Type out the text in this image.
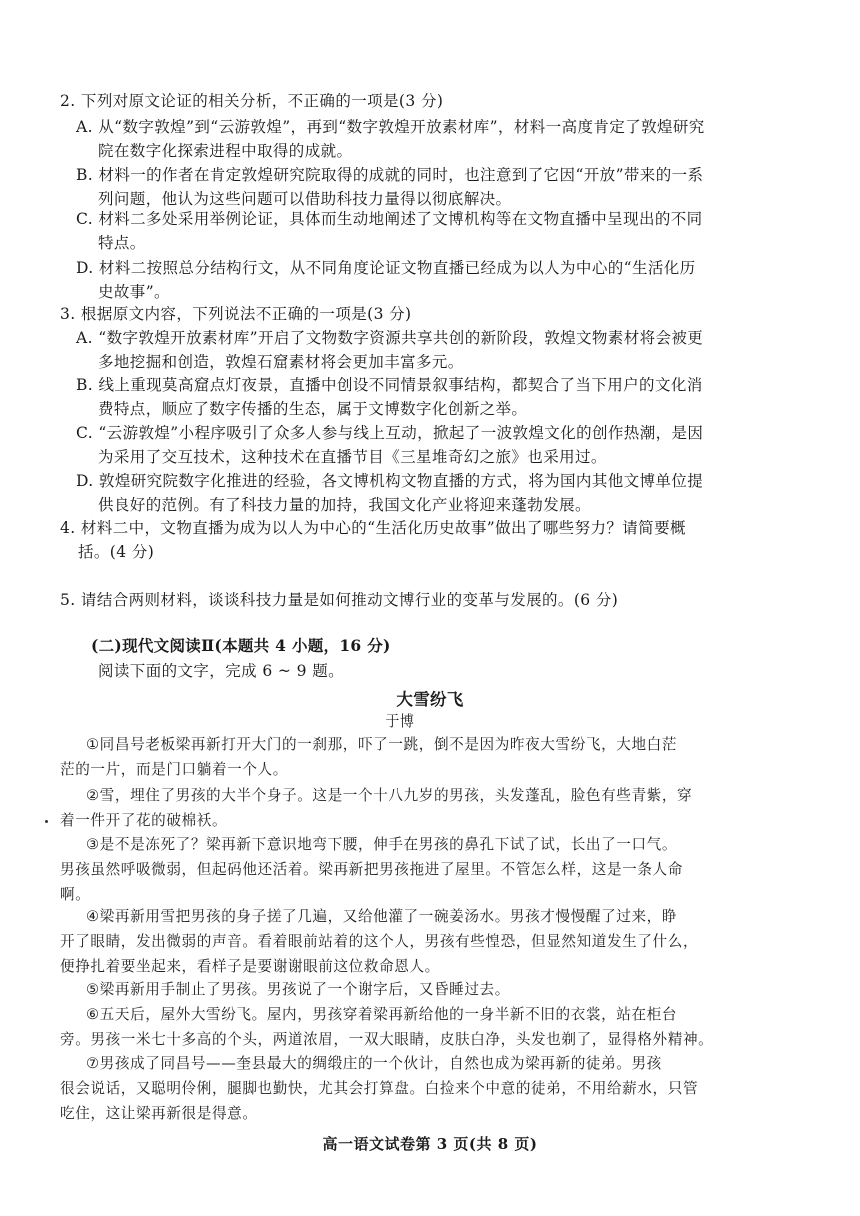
2. 下列对原文论证的相关分析，不正确的一项是(3 分)
A. 从“数字敦煌”到“云游敦煌”，再到“数字敦煌开放素材库”，材料一高度肯定了敦煌研究
院在数字化探索进程中取得的成就。
B. 材料一的作者在肯定敦煌研究院取得的成就的同时，也注意到了它因“开放”带来的一系
列问题，他认为这些问题可以借助科技力量得以彻底解决。
C. 材料二多处采用举例论证，具体而生动地阐述了文博机构等在文物直播中呈现出的不同
特点。
D. 材料二按照总分结构行文，从不同角度论证文物直播已经成为以人为中心的“生活化历
史故事”。
3. 根据原文内容，下列说法不正确的一项是(3 分)
A. “数字敦煌开放素材库”开启了文物数字资源共享共创的新阶段，敦煌文物素材将会被更
多地挖掘和创造，敦煌石窟素材将会更加丰富多元。
B. 线上重现莫高窟点灯夜景，直播中创设不同情景叙事结构，都契合了当下用户的文化消
费特点，顺应了数字传播的生态，属于文博数字化创新之举。
C. “云游敦煌”小程序吸引了众多人参与线上互动，掀起了一波敦煌文化的创作热潮，是因
为采用了交互技术，这种技术在直播节目《三星堆奇幻之旅》也采用过。
D. 敦煌研究院数字化推进的经验，各文博机构文物直播的方式，将为国内其他文博单位提
供良好的范例。有了科技力量的加持，我国文化产业将迎来蓬勃发展。
4. 材料二中，文物直播为成为以人为中心的“生活化历史故事”做出了哪些努力？请简要概
括。(4 分)
5. 请结合两则材料，谈谈科技力量是如何推动文博行业的变革与发展的。(6 分)
(二)现代文阅读Ⅱ(本题共 4 小题，16 分)
阅读下面的文字，完成 6 ~ 9 题。
大雪纷飞
于博
①同昌号老板梁再新打开大门的一刹那，吓了一跳，倒不是因为昨夜大雪纷飞，大地白茫
茫的一片，而是门口躺着一个人。
②雪，埋住了男孩的大半个身子。这是一个十八九岁的男孩，头发蓬乱，脸色有些青紫，穿
着一件开了花的破棉袄。
③是不是冻死了？梁再新下意识地弯下腰，伸手在男孩的鼻孔下试了试，长出了一口气。
男孩虽然呼吸微弱，但起码他还活着。梁再新把男孩拖进了屋里。不管怎么样，这是一条人命
啊。
④梁再新用雪把男孩的身子搓了几遍，又给他灌了一碗姜汤水。男孩才慢慢醒了过来，睁
开了眼睛，发出微弱的声音。看着眼前站着的这个人，男孩有些惶恐，但显然知道发生了什么，
便挣扎着要坐起来，看样子是要谢谢眼前这位救命恩人。
⑤梁再新用手制止了男孩。男孩说了一个谢字后，又昏睡过去。
⑥五天后，屋外大雪纷飞。屋内，男孩穿着梁再新给他的一身半新不旧的衣裳，站在柜台
旁。男孩一米七十多高的个头，两道浓眉，一双大眼睛，皮肤白净，头发也剃了，显得格外精神。
⑦男孩成了同昌号——奎县最大的绸缎庄的一个伙计，自然也成为梁再新的徒弟。男孩
很会说话，又聪明伶俐，腿脚也勤快，尤其会打算盘。白捡来个中意的徒弟，不用给薪水，只管
吃住，这让梁再新很是得意。
高一语文试卷第 3 页(共 8 页)
